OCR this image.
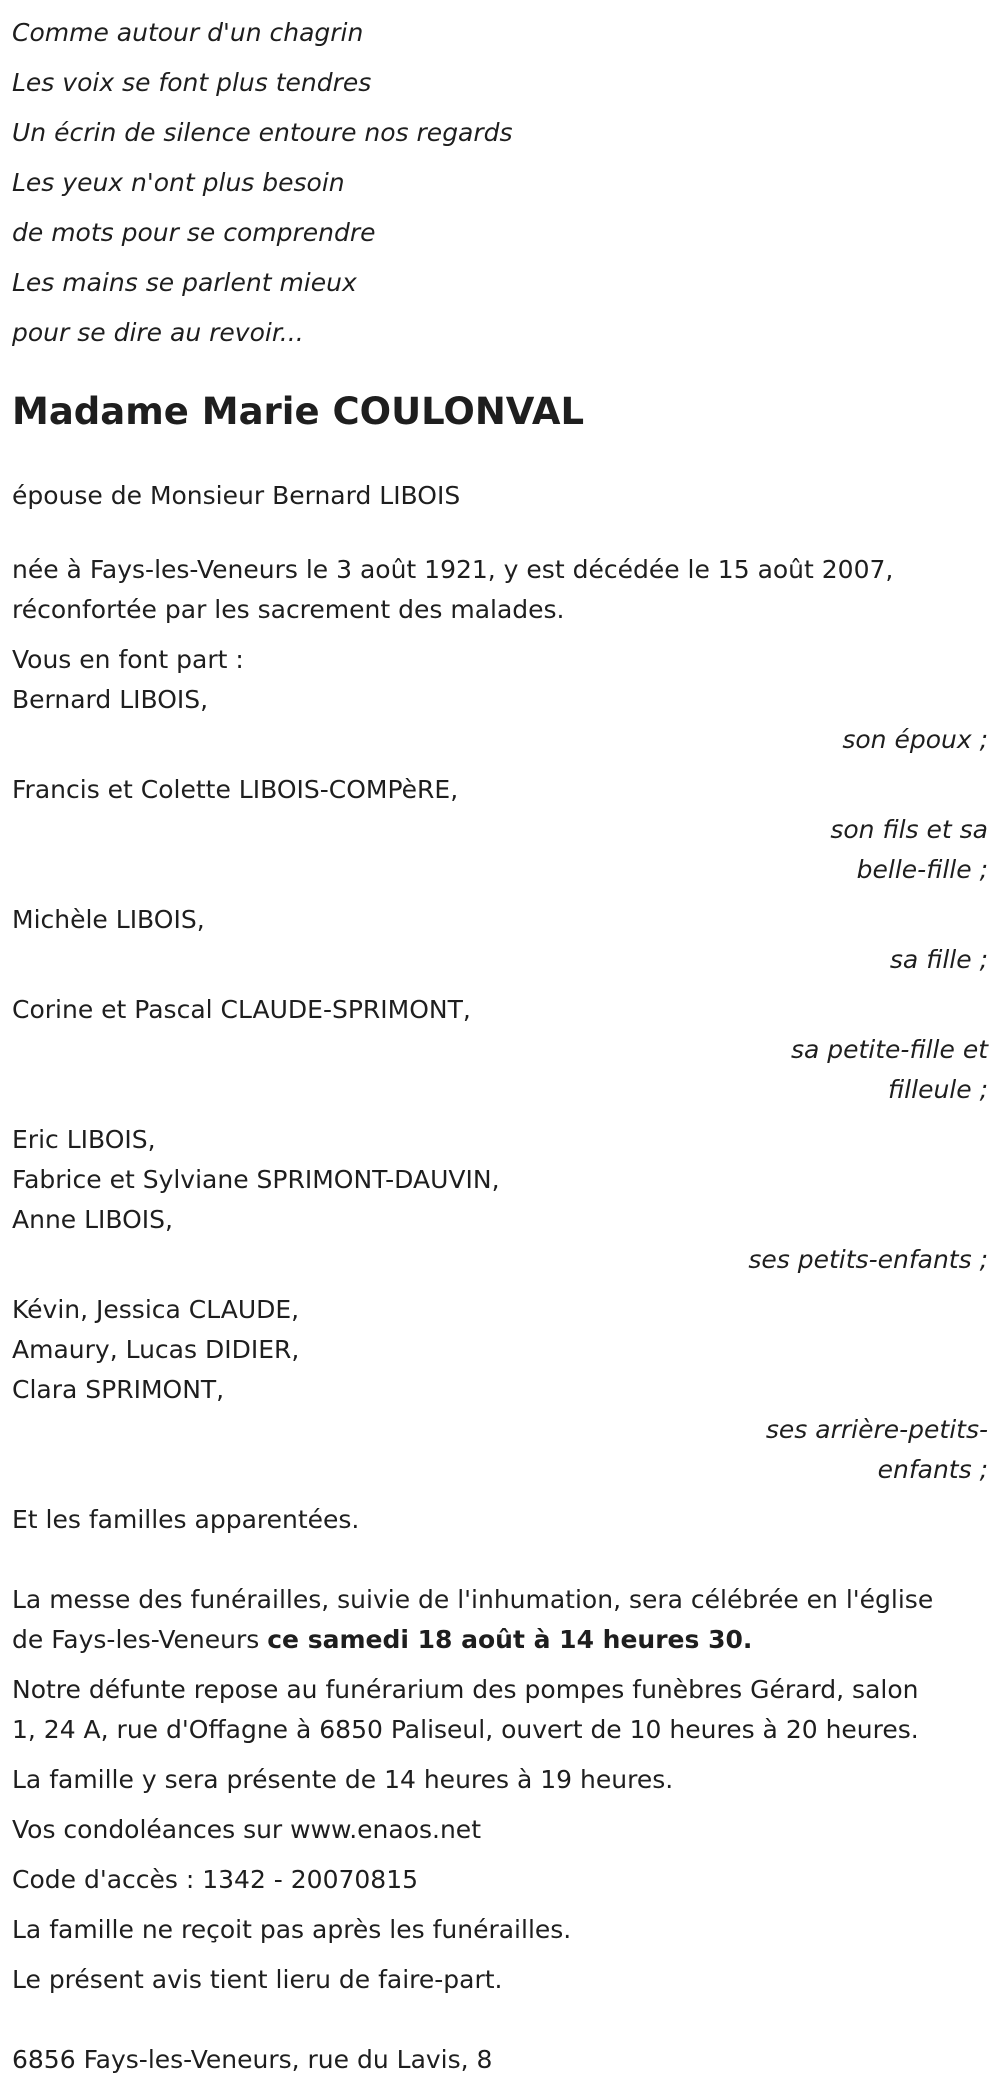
Comme autour d'un chagrin

Les voix se font plus tendres

Un écrin de silence entoure nos regards

Les yeux n'ont plus besoin

de mots pour se comprendre

Les mains se parlent mieux

pour se dire au revoir...

Madame Marie COULONVAL

épouse de Monsieur Bernard LIBOIS

née à Fays-les-Veneurs le 3 août 1921, y est décédée le 15 août 2007,

réconfortée par les sacrement des malades.

Vous en font part :

Bernard LIBOIS,

son époux ;

Francis et Colette LIBOIS-COMPèRE,

son fils et sa
belle-fille ;

Michèle LIBOIS,

sa fille ;

Corine et Pascal CLAUDE-SPRIMONT,

sa petite-fille et
filleule ;

Eric LIBOIS,

Fabrice et Sylviane SPRIMONT-DAUVIN,

Anne LIBOIS,

ses petits-enfants ;

Kévin, Jessica CLAUDE,

Amaury, Lucas DIDIER,

Clara SPRIMONT,

ses arrière-petits-
enfants ;

Et les familles apparentées.

La messe des funérailles, suivie de l'inhumation, sera célébrée en l'église

de Fays-les-Veneurs ce samedi 18 août à 14 heures 30.

Notre défunte repose au funérarium des pompes funèbres Gérard, salon

1, 24 A, rue d'Offagne à 6850 Paliseul, ouvert de 10 heures à 20 heures.

La famille y sera présente de 14 heures à 19 heures.

Vos condoléances sur www.enaos.net

Code d'accès : 1342 - 20070815

La famille ne reçoit pas après les funérailles.

Le présent avis tient lieru de faire-part.

6856 Fays-les-Veneurs, rue du Lavis, 8
